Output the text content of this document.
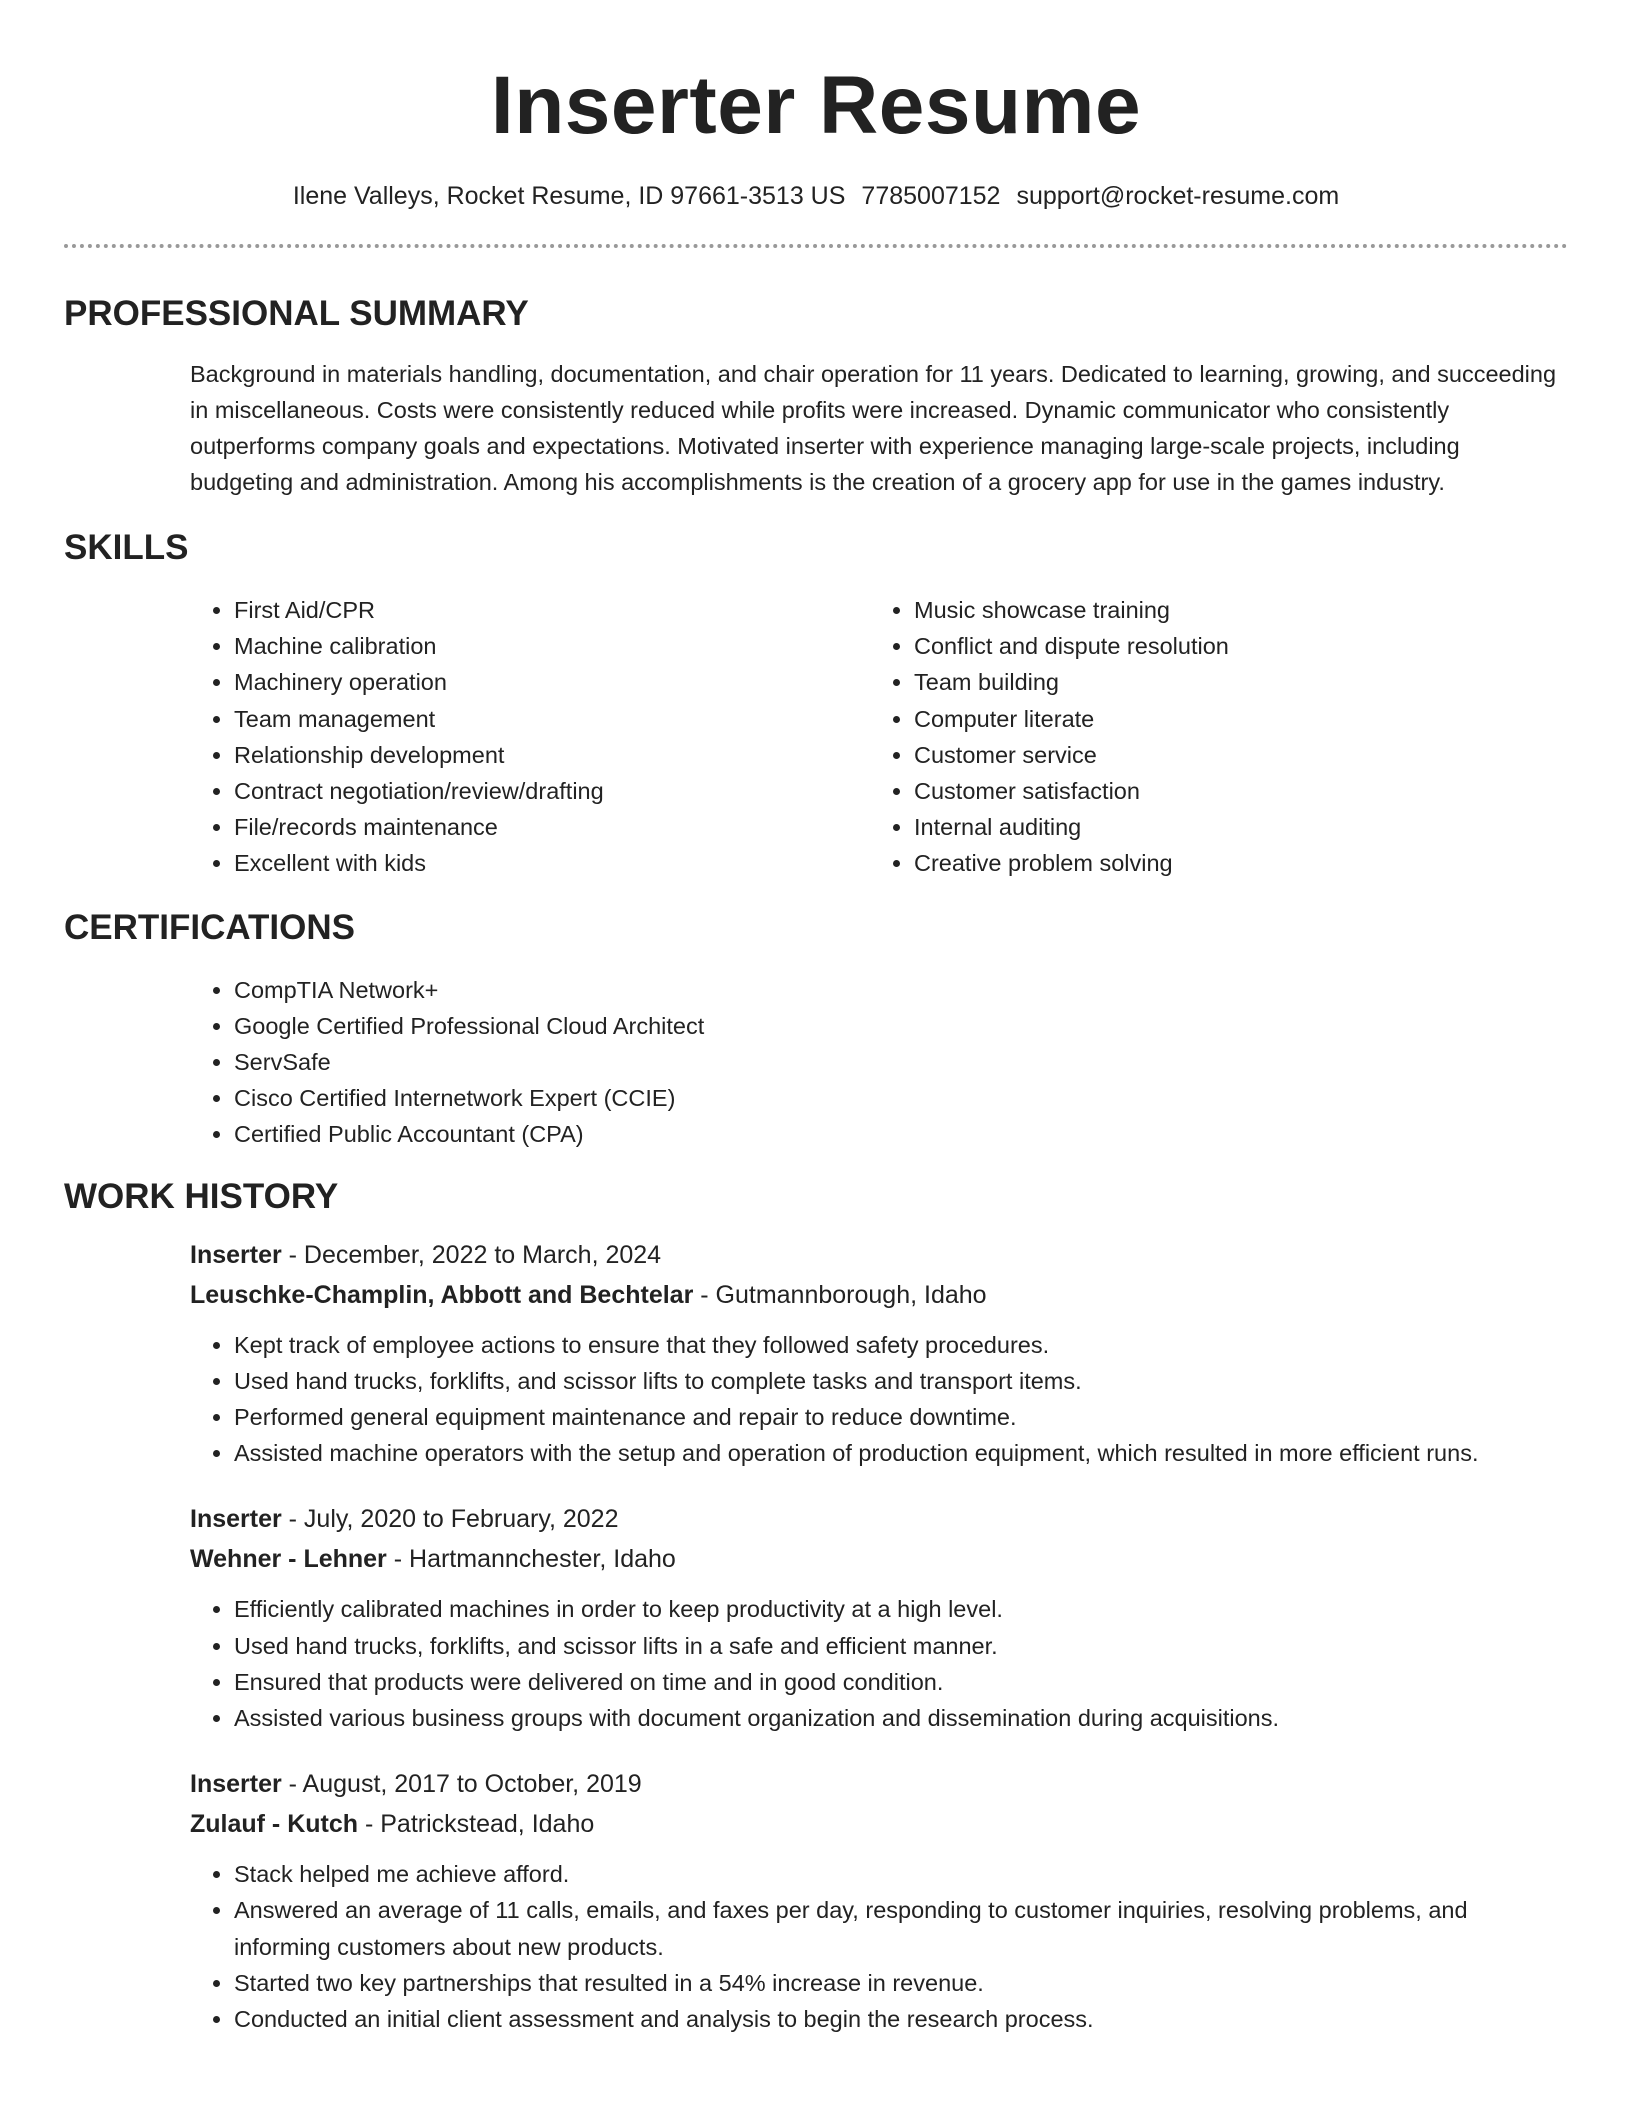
Inserter Resume
Ilene Valleys, Rocket Resume, ID 97661-3513 US 7785007152 support@rocket-resume.com
PROFESSIONAL SUMMARY

Background in materials handling, documentation, and chair operation for 11 years. Dedicated to learning, growing, and succeeding in miscellaneous. Costs were consistently reduced while profits were increased. Dynamic communicator who consistently outperforms company goals and expectations. Motivated inserter with experience managing large-scale projects, including budgeting and administration. Among his accomplishments is the creation of a grocery app for use in the games industry.

SKILLS
• First Aid/CPR
• Machine calibration
• Machinery operation
• Team management
• Relationship development
• Contract negotiation/review/drafting
• File/records maintenance
• Excellent with kids
• Music showcase training
• Conflict and dispute resolution
• Team building
• Computer literate
• Customer service
• Customer satisfaction
• Internal auditing
• Creative problem solving
CERTIFICATIONS
• CompTIA Network+
• Google Certified Professional Cloud Architect
• ServSafe
• Cisco Certified Internetwork Expert (CCIE)
• Certified Public Accountant (CPA)
WORK HISTORY
Inserter - December, 2022 to March, 2024
Leuschke-Champlin, Abbott and Bechtelar - Gutmannborough, Idaho
• Kept track of employee actions to ensure that they followed safety procedures.
• Used hand trucks, forklifts, and scissor lifts to complete tasks and transport items.
• Performed general equipment maintenance and repair to reduce downtime.
• Assisted machine operators with the setup and operation of production equipment, which resulted in more efficient runs.
Inserter - July, 2020 to February, 2022
Wehner - Lehner - Hartmannchester, Idaho
• Efficiently calibrated machines in order to keep productivity at a high level.
• Used hand trucks, forklifts, and scissor lifts in a safe and efficient manner.
• Ensured that products were delivered on time and in good condition.
• Assisted various business groups with document organization and dissemination during acquisitions.
Inserter - August, 2017 to October, 2019
Zulauf - Kutch - Patrickstead, Idaho
• Stack helped me achieve afford.
• Answered an average of 11 calls, emails, and faxes per day, responding to customer inquiries, resolving problems, and informing customers about new products.
• Started two key partnerships that resulted in a 54% increase in revenue.
• Conducted an initial client assessment and analysis to begin the research process.
